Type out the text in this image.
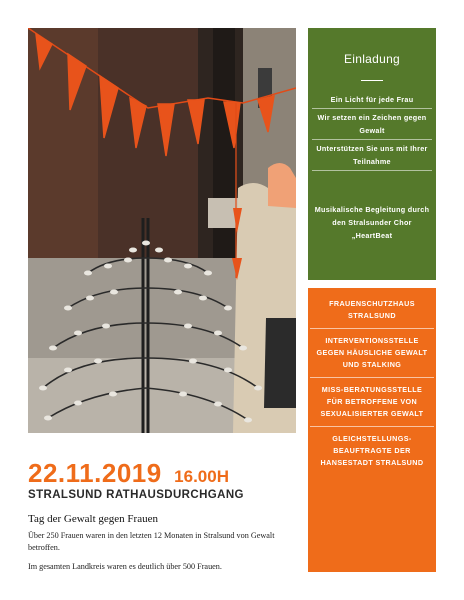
Einladung
Ein Licht für jede Frau
Wir setzen ein Zeichen gegen Gewalt
Unterstützen Sie uns mit Ihrer Teilnahme
Musikalische Begleitung durch den Stralsunder Chor „HeartBeat
FRAUENSCHUTZHAUS STRALSUND
INTERVENTIONSSTELLE GEGEN HÄUSLICHE GEWALT UND STALKING
MISS-BERATUNGSSTELLE FÜR BETROFFENE VON SEXUALISIERTER GEWALT
GLEICHSTELLUNGS-BEAUFTRAGTE DER HANSESTADT STRALSUND
22.11.2019 16.00H
STRALSUND RATHAUSDURCHGANG
Tag der Gewalt gegen Frauen

Über 250 Frauen waren in den letzten 12 Monaten in Stralsund von Gewalt betroffen.

Im gesamten Landkreis waren es deutlich über 500 Frauen.
